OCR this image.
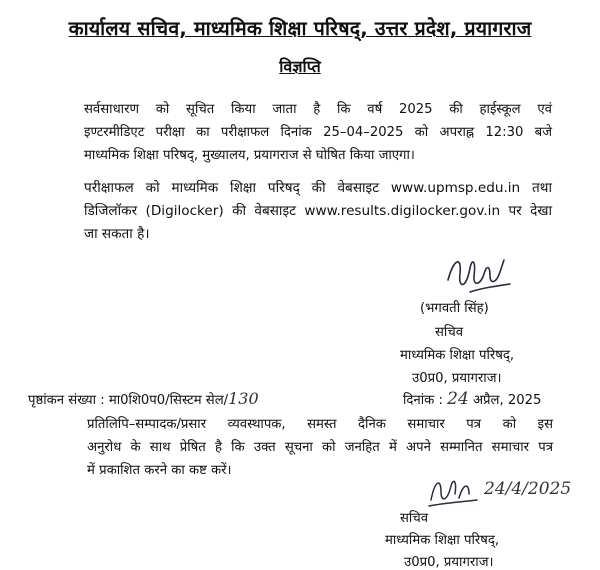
कार्यालय सचिव, माध्यमिक शिक्षा परिषद्, उत्तर प्रदेश, प्रयागराज
विज्ञप्ति
सर्वसाधारण को सूचित किया जाता है कि वर्ष 2025 की हाईस्कूल एवं
इण्टरमीडिएट परीक्षा का परीक्षाफल दिनांक 25–04–2025 को अपराह्न 12:30 बजे
माध्यमिक शिक्षा परिषद्, मुख्यालय, प्रयागराज से घोषित किया जाएगा।
परीक्षाफल को माध्यमिक शिक्षा परिषद् की वेबसाइट www.upmsp.edu.in तथा
डिजिलॉकर (Digilocker) की वेबसाइट www.results.digilocker.gov.in पर देखा
जा सकता है।
(भगवती सिंह)
सचिव
माध्यमिक शिक्षा परिषद्,
उ0प्र0, प्रयागराज।
पृष्ठांकन संख्या : मा0शि0प0/सिस्टम सेल/130	दिनांक : 24 अप्रैल, 2025
प्रतिलिपि–सम्पादक/प्रसार व्यवस्थापक, समस्त दैनिक समाचार पत्र को इस
अनुरोध के साथ प्रेषित है कि उक्त सूचना को जनहित में अपने सम्मानित समाचार पत्र
में प्रकाशित करने का कष्ट करें।
24/4/2025
सचिव
माध्यमिक शिक्षा परिषद्,
उ0प्र0, प्रयागराज।
